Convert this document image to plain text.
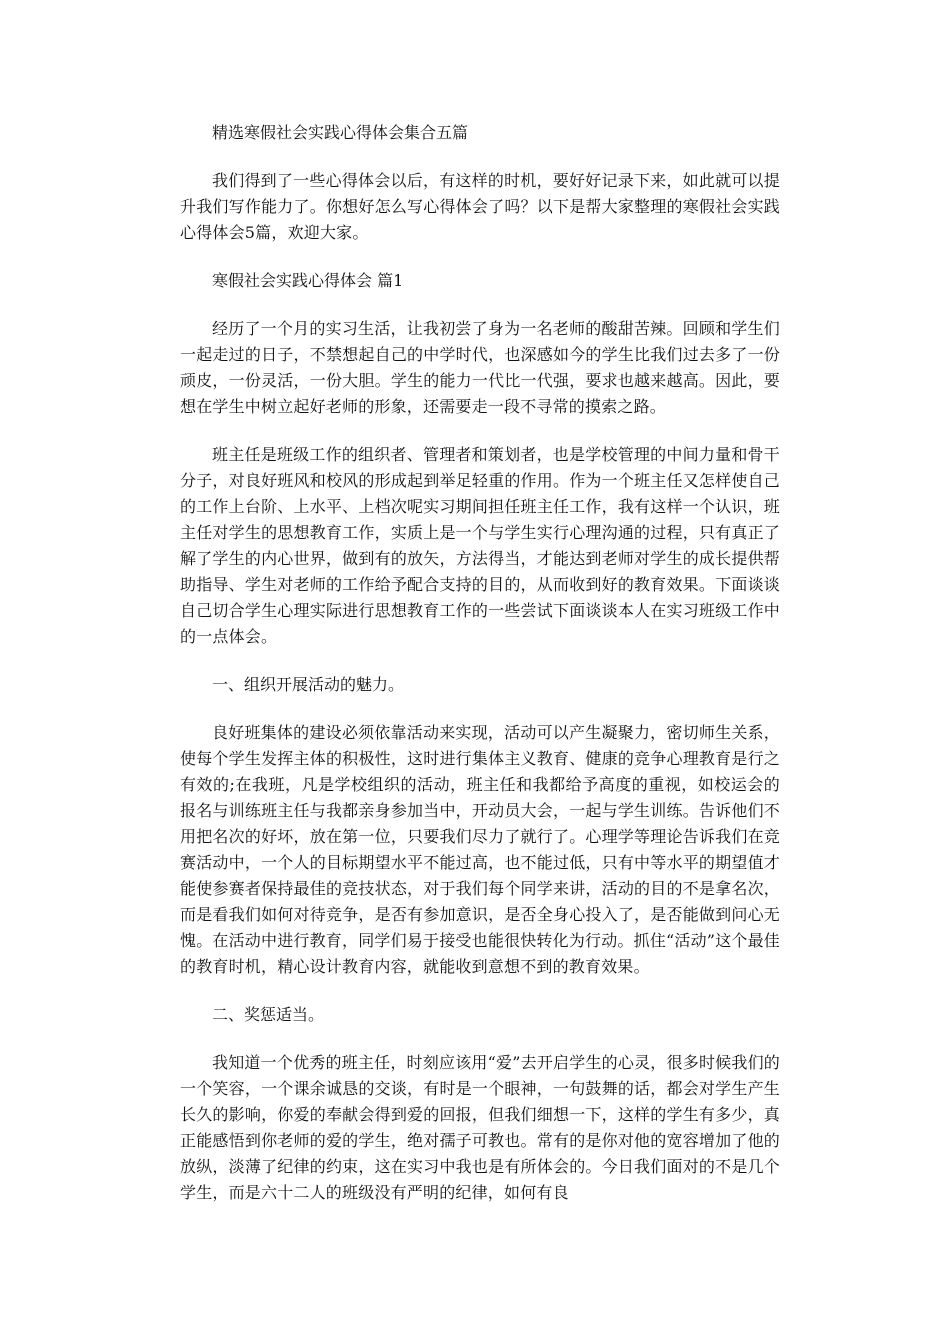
精选寒假社会实践心得体会集合五篇

我们得到了一些心得体会以后，有这样的时机，要好好记录下来，如此就可以提升我们写作能力了。你想好怎么写心得体会了吗？以下是帮大家整理的寒假社会实践心得体会5篇，欢迎大家。

寒假社会实践心得体会 篇1

经历了一个月的实习生活，让我初尝了身为一名老师的酸甜苦辣。回顾和学生们一起走过的日子，不禁想起自己的中学时代，也深感如今的学生比我们过去多了一份顽皮，一份灵活，一份大胆。学生的能力一代比一代强，要求也越来越高。因此，要想在学生中树立起好老师的形象，还需要走一段不寻常的摸索之路。

班主任是班级工作的组织者、管理者和策划者，也是学校管理的中间力量和骨干分子，对良好班风和校风的形成起到举足轻重的作用。作为一个班主任又怎样使自己的工作上台阶、上水平、上档次呢实习期间担任班主任工作，我有这样一个认识，班主任对学生的思想教育工作，实质上是一个与学生实行心理沟通的过程，只有真正了解了学生的内心世界，做到有的放矢，方法得当，才能达到老师对学生的成长提供帮助指导、学生对老师的工作给予配合支持的目的，从而收到好的教育效果。下面谈谈自己切合学生心理实际进行思想教育工作的一些尝试下面谈谈本人在实习班级工作中的一点体会。

一、组织开展活动的魅力。

良好班集体的建设必须依靠活动来实现，活动可以产生凝聚力，密切师生关系，使每个学生发挥主体的积极性，这时进行集体主义教育、健康的竞争心理教育是行之有效的;在我班，凡是学校组织的活动，班主任和我都给予高度的重视，如校运会的报名与训练班主任与我都亲身参加当中，开动员大会，一起与学生训练。告诉他们不用把名次的好坏，放在第一位，只要我们尽力了就行了。心理学等理论告诉我们在竞赛活动中，一个人的目标期望水平不能过高，也不能过低，只有中等水平的期望值才能使参赛者保持最佳的竞技状态，对于我们每个同学来讲，活动的目的不是拿名次，而是看我们如何对待竞争，是否有参加意识，是否全身心投入了，是否能做到问心无愧。在活动中进行教育，同学们易于接受也能很快转化为行动。抓住“活动”这个最佳的教育时机，精心设计教育内容，就能收到意想不到的教育效果。

二、奖惩适当。

我知道一个优秀的班主任，时刻应该用“爱”去开启学生的心灵，很多时候我们的一个笑容，一个课余诚恳的交谈，有时是一个眼神，一句鼓舞的话，都会对学生产生长久的影响，你爱的奉献会得到爱的回报，但我们细想一下，这样的学生有多少，真正能感悟到你老师的爱的学生，绝对孺子可教也。常有的是你对他的宽容增加了他的放纵，淡薄了纪律的约束，这在实习中我也是有所体会的。今日我们面对的不是几个学生，而是六十二人的班级没有严明的纪律，如何有良
